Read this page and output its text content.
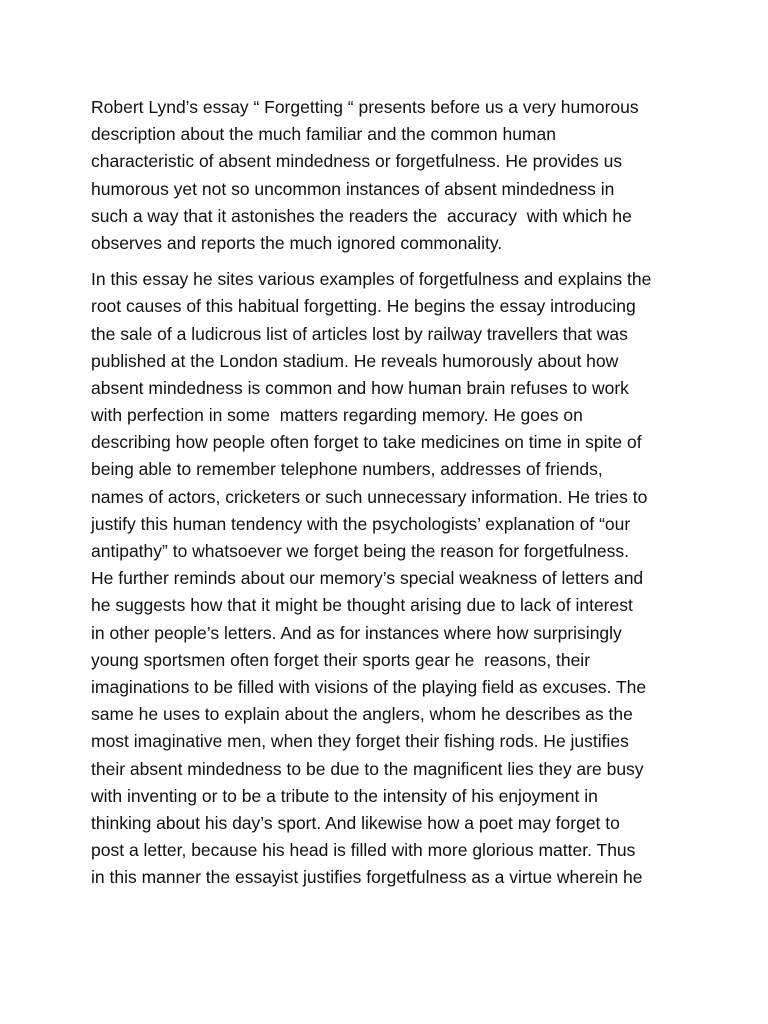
Robert Lynd’s essay “ Forgetting “ presents before us a very humorous
description about the much familiar and the common human
characteristic of absent mindedness or forgetfulness. He provides us
humorous yet not so uncommon instances of absent mindedness in
such a way that it astonishes the readers the  accuracy  with which he
observes and reports the much ignored commonality.
In this essay he sites various examples of forgetfulness and explains the
root causes of this habitual forgetting. He begins the essay introducing
the sale of a ludicrous list of articles lost by railway travellers that was
published at the London stadium. He reveals humorously about how
absent mindedness is common and how human brain refuses to work
with perfection in some  matters regarding memory. He goes on
describing how people often forget to take medicines on time in spite of
being able to remember telephone numbers, addresses of friends,
names of actors, cricketers or such unnecessary information. He tries to
justify this human tendency with the psychologists’ explanation of “our
antipathy” to whatsoever we forget being the reason for forgetfulness.
He further reminds about our memory’s special weakness of letters and
he suggests how that it might be thought arising due to lack of interest
in other people’s letters. And as for instances where how surprisingly
young sportsmen often forget their sports gear he  reasons, their
imaginations to be filled with visions of the playing field as excuses. The
same he uses to explain about the anglers, whom he describes as the
most imaginative men, when they forget their fishing rods. He justifies
their absent mindedness to be due to the magnificent lies they are busy
with inventing or to be a tribute to the intensity of his enjoyment in
thinking about his day’s sport. And likewise how a poet may forget to
post a letter, because his head is filled with more glorious matter. Thus
in this manner the essayist justifies forgetfulness as a virtue wherein he
